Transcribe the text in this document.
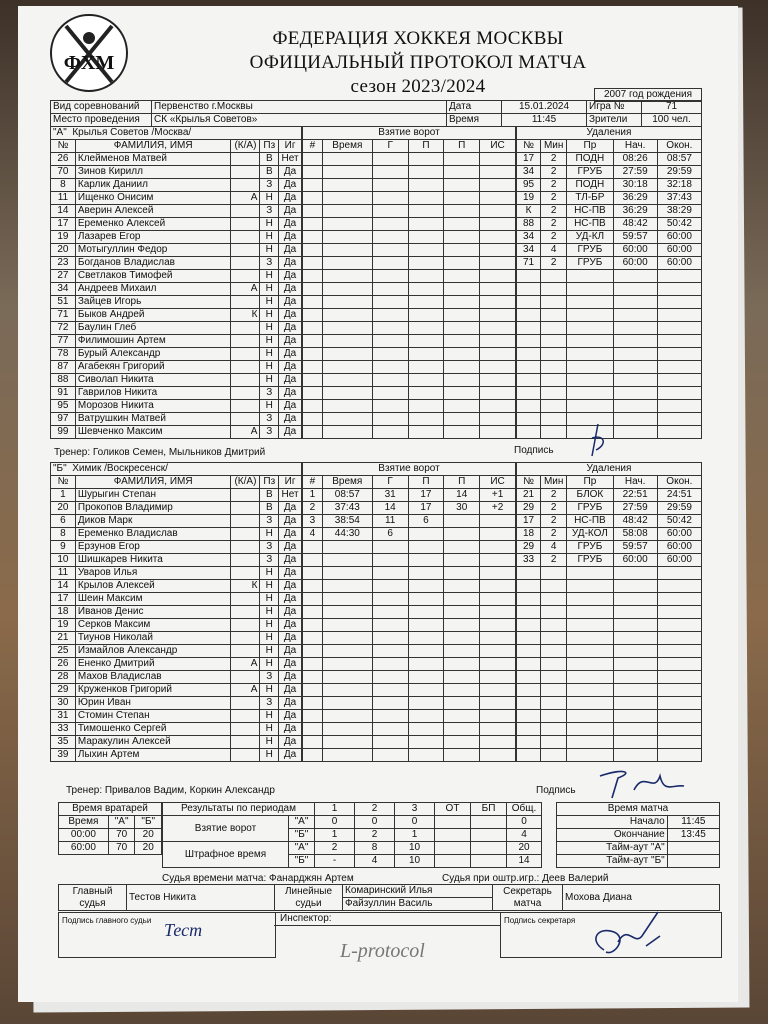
ФХМ
ФЕДЕРАЦИЯ ХОККЕЯ МОСКВЫ
ОФИЦИАЛЬНЫЙ ПРОТОКОЛ МАТЧА
сезон 2023/2024	2007 год рождения
Вид соревнований	Первенство г.Москвы	Дата	15.01.2024	Игра №	71
Место проведения	СК «Крылья Советов»	Время	11:45	Зрители	100 чел.
"А" Крылья Советов /Москва/				
№	ФАМИЛИЯ, ИМЯ	(К/А)	Пз	Иг
26	Клейменов Матвей		В	Нет
70	Зинов Кирилл		В	Да
8	Карлик Даниил		З	Да
11	Ищенко Онисим	А	Н	Да
14	Аверин Алексей		З	Да
17	Еременко Алексей		Н	Да
19	Лазарев Егор		Н	Да
20	Мотыгуллин Федор		Н	Да
23	Богданов Владислав		З	Да
27	Светлаков Тимофей		Н	Да
34	Андреев Михаил	А	Н	Да
51	Зайцев Игорь		Н	Да
71	Быков Андрей	К	Н	Да
72	Баулин Глеб		Н	Да
77	Филимошин Артем		Н	Да
78	Бурый Александр		Н	Да
87	Агабекян Григорий		Н	Да
88	Сиволап Никита		Н	Да
91	Гаврилов Никита		З	Да
95	Морозов Никита		Н	Да
97	Ватрушкин Матвей		З	Да
99	Шевченко Максим	А	З	Да
Взятие ворот					
#	Время	Г	П	П	ИС

Удаления				
№	Мин	Пр	Нач.	Окон.
17	2	ПОДН	08:26	08:57
34	2	ГРУБ	27:59	29:59
95	2	ПОДН	30:18	32:18
19	2	ТЛ-БР	36:29	37:43
К	2	НС-ПВ	36:29	38:29
88	2	НС-ПВ	48:42	50:42
34	2	УД-КЛ	59:57	60:00
34	4	ГРУБ	60:00	60:00
71	2	ГРУБ	60:00	60:00

Тренер: Голиков Семен, Мыльников Дмитрий	Подпись
"Б" Химик /Воскресенск/				
№	ФАМИЛИЯ, ИМЯ	(К/А)	Пз	Иг
1	Шурыгин Степан		В	Нет
20	Прокопов Владимир		В	Да
6	Диков Марк		З	Да
8	Еременко Владислав		Н	Да
9	Ерзунов Егор		З	Да
10	Шишкарев Никита		З	Да
11	Уваров Илья		Н	Да
14	Крылов Алексей	К	Н	Да
17	Шеин Максим		Н	Да
18	Иванов Денис		Н	Да
19	Серков Максим		Н	Да
21	Тиунов Николай		Н	Да
25	Измайлов Александр		Н	Да
26	Ененко Дмитрий	А	Н	Да
28	Махов Владислав		З	Да
29	Круженков Григорий	А	Н	Да
30	Юрин Иван		З	Да
31	Стомин Степан		Н	Да
33	Тимошенко Сергей		Н	Да
35	Маракулин Алексей		Н	Да
39	Лыхин Артем		Н	Да
Взятие ворот					
#	Время	Г	П	П	ИС
1	08:57	31	17	14	+1
2	37:43	14	17	30	+2
3	38:54	11	6		
4	44:30	6			

Удаления				
№	Мин	Пр	Нач.	Окон.
21	2	БЛОК	22:51	24:51
29	2	ГРУБ	27:59	29:59
17	2	НС-ПВ	48:42	50:42
18	2	УД-КОЛ	58:08	60:00
29	4	ГРУБ	59:57	60:00
33	2	ГРУБ	60:00	60:00

Тренер: Привалов Вадим, Коркин Александр	Подпись
Время вратарей		
Время	"А"	"Б"
00:00	70	20
60:00	70	20
Результаты по периодам		1	2	3	ОТ	БП	Общ.
Взятие ворот	"А"	0	0	0			0
	"Б"	1	2	1			4
Штрафное время	"А"	2	8	10			20
	"Б"	-	4	10			14
Время матча	
Начало	11:45
Окончание	13:45
Тайм-аут "А"	
Тайм-аут "Б"	
Судья времени матча: Фанарджян Артем	Судья при оштр.игр.: Деев Валерий
Главный судья	Тестов Никита	Линейные судьи	Комаринский Илья	Секретарь матча	Мохова Диана
Файзуллин Василь
Подпись главного судьи Тест
Инспектор:	Подпись секретаря
L-protocol
